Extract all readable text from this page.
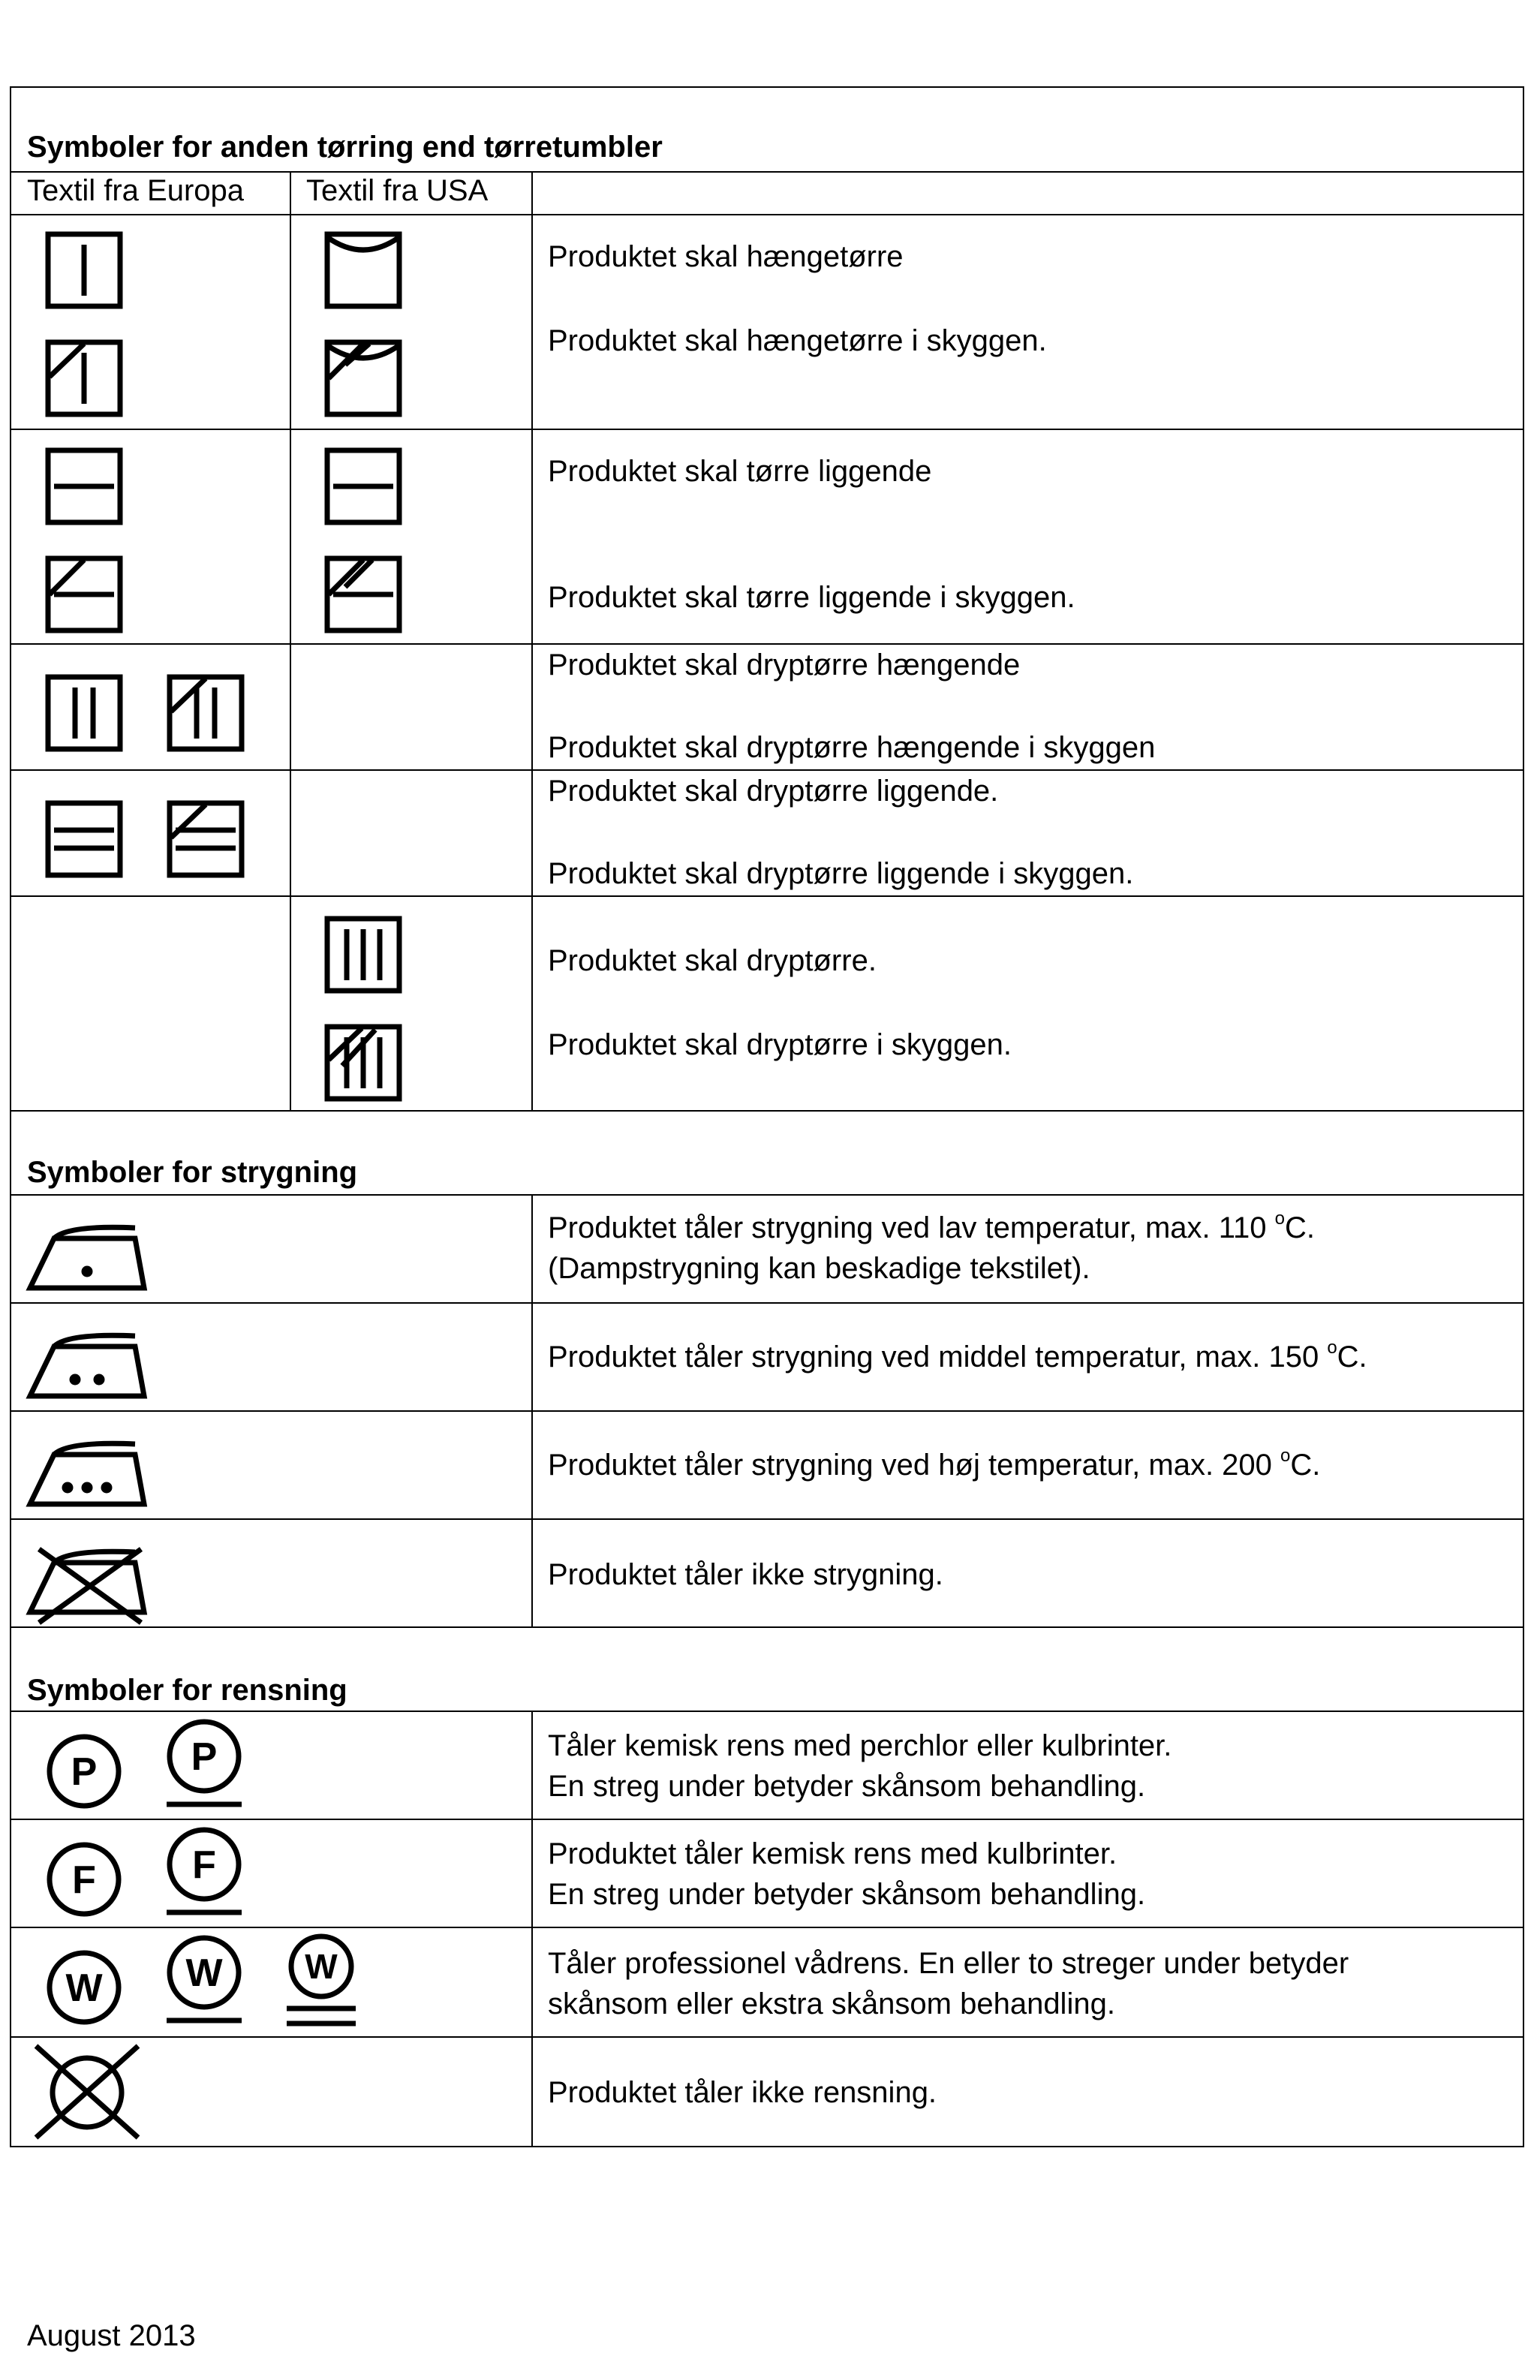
Symboler for anden tørring end tørretumbler
Textil fra Europa Textil fra USA
Produktet skal hængetørre
Produktet skal hængetørre i skyggen.
Produktet skal tørre liggende
Produktet skal tørre liggende i skyggen.
Produktet skal dryptørre hængende
Produktet skal dryptørre hængende i skyggen
Produktet skal dryptørre liggende.
Produktet skal dryptørre liggende i skyggen.
Produktet skal dryptørre.
Produktet skal dryptørre i skyggen.
Symboler for strygning
Produktet tåler strygning ved lav temperatur, max. 110 $^o$C.
(Dampstrygning kan beskadige tekstilet).
Produktet tåler strygning ved middel temperatur, max. 150 $^o$C.
Produktet tåler strygning ved høj temperatur, max. 200 $^o$C.
Produktet tåler ikke strygning.
Symboler for rensning
Tåler kemisk rens med perchlor eller kulbrinter.
En streg under betyder skånsom behandling.
Produktet tåler kemisk rens med kulbrinter.
En streg under betyder skånsom behandling.
Tåler professionel vådrens. En eller to streger under betyder
skånsom eller ekstra skånsom behandling.
Produktet tåler ikke rensning.
P P
F F
W W W
August 2013
